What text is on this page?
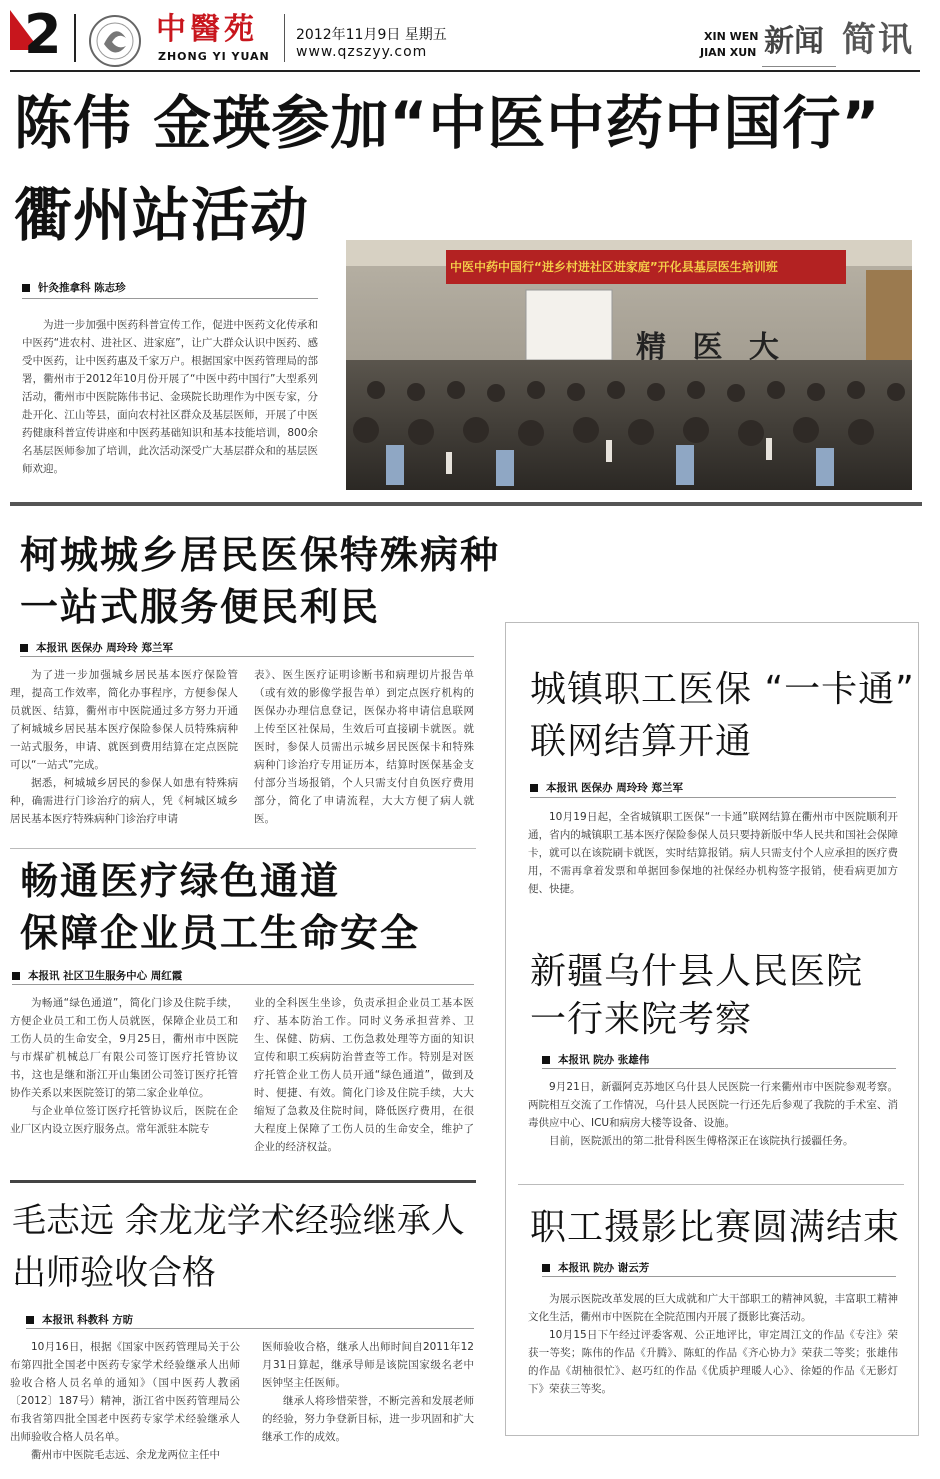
2	中醫苑
ZHONG YI YUAN
2012年11月9日 星期五
www.qzszyy.com
XIN WEN
JIAN XUN 新闻 简讯
陈伟 金瑛参加“中医中药中国行”
衢州站活动
针灸推拿科 陈志珍

为进一步加强中医药科普宣传工作，促进中医药文化传承和中医药“进农村、进社区、进家庭”，让广大群众认识中医药、感受中医药，让中医药惠及千家万户。根据国家中医药管理局的部署，衢州市于2012年10月份开展了“中医中药中国行”大型系列活动，衢州市中医院陈伟书记、金瑛院长助理作为中医专家，分赴开化、江山等县，面向农村社区群众及基层医师，开展了中医药健康科普宣传讲座和中医药基础知识和基本技能培训，800余名基层医师参加了培训，此次活动深受广大基层群众和的基层医师欢迎。

中医中药中国行“进乡村进社区进家庭”开化县基层医生培训班
精 医 大
柯城城乡居民医保特殊病种
一站式服务便民利民
本报讯 医保办 周玲玲 郑兰军

为了进一步加强城乡居民基本医疗保险管理，提高工作效率，简化办事程序，方便参保人员就医、结算，衢州市中医院通过多方努力开通了柯城城乡居民基本医疗保险参保人员特殊病种一站式服务，申请、就医到费用结算在定点医院可以“一站式”完成。

据悉，柯城城乡居民的参保人如患有特殊病种，确需进行门诊治疗的病人，凭《柯城区城乡居民基本医疗特殊病种门诊治疗申请

表》、医生医疗证明诊断书和病理切片报告单（或有效的影像学报告单）到定点医疗机构的医保办办理信息登记，医保办将申请信息联网上传至区社保局，生效后可直接刷卡就医。就医时，参保人员需出示城乡居民医保卡和特殊病种门诊治疗专用证历本，结算时医保基金支付部分当场报销，个人只需支付自负医疗费用部分，简化了申请流程，大大方便了病人就医。

城镇职工医保 “一卡通”
联网结算开通
本报讯 医保办 周玲玲 郑兰军

10月19日起，全省城镇职工医保“一卡通”联网结算在衢州市中医院顺利开通，省内的城镇职工基本医疗保险参保人员只要持新版中华人民共和国社会保障卡，就可以在该院刷卡就医，实时结算报销。病人只需支付个人应承担的医疗费用，不需再拿着发票和单据回参保地的社保经办机构签字报销，使看病更加方便、快捷。

畅通医疗绿色通道
保障企业员工生命安全
本报讯 社区卫生服务中心 周红霞

为畅通“绿色通道”，简化门诊及住院手续，方便企业员工和工伤人员就医，保障企业员工和工伤人员的生命安全，9月25日，衢州市中医院与市煤矿机械总厂有限公司签订医疗托管协议书，这也是继和浙江开山集团公司签订医疗托管协作关系以来医院签订的第二家企业单位。

与企业单位签订医疗托管协议后，医院在企业厂区内设立医疗服务点。常年派驻本院专

业的全科医生坐诊，负责承担企业员工基本医疗、基本防治工作。同时义务承担营养、卫生、保健、防病、工伤急救处理等方面的知识宣传和职工疾病防治普查等工作。特别是对医疗托管企业工伤人员开通“绿色通道”，做到及时、便捷、有效。简化门诊及住院手续，大大缩短了急救及住院时间，降低医疗费用，在很大程度上保障了工伤人员的生命安全，维护了企业的经济权益。

新疆乌什县人民医院
一行来院考察
本报讯 院办 张雄伟

9月21日，新疆阿克苏地区乌什县人民医院一行来衢州市中医院参观考察。两院相互交流了工作情况，乌什县人民医院一行还先后参观了我院的手术室、消毒供应中心、ICU和病房大楼等设备、设施。

目前，医院派出的第二批骨科医生傅格深正在该院执行援疆任务。

毛志远 余龙龙学术经验继承人
出师验收合格
本报讯 科教科 方昉

10月16日，根据《国家中医药管理局关于公布第四批全国老中医药专家学术经验继承人出师验收合格人员名单的通知》（国中医药人教函〔2012〕187号）精神，浙江省中医药管理局公布我省第四批全国老中医药专家学术经验继承人出师验收合格人员名单。

衢州市中医院毛志远、余龙龙两位主任中

医师验收合格，继承人出师时间自2011年12月31日算起，继承导师是该院国家级名老中医钟坚主任医师。

继承人将珍惜荣誉，不断完善和发展老师的经验，努力争登新目标，进一步巩固和扩大继承工作的成效。

职工摄影比赛圆满结束
本报讯 院办 谢云芳

为展示医院改革发展的巨大成就和广大干部职工的精神风貌，丰富职工精神文化生活，衢州市中医院在全院范围内开展了摄影比赛活动。

10月15日下午经过评委客观、公正地评比，审定周江文的作品《专注》荣获一等奖；陈伟的作品《升腾》、陈虹的作品《齐心协力》荣获二等奖；张雄伟的作品《胡柚很忙》、赵巧红的作品《优质护理暖人心》、徐婭的作品《无影灯下》荣获三等奖。
